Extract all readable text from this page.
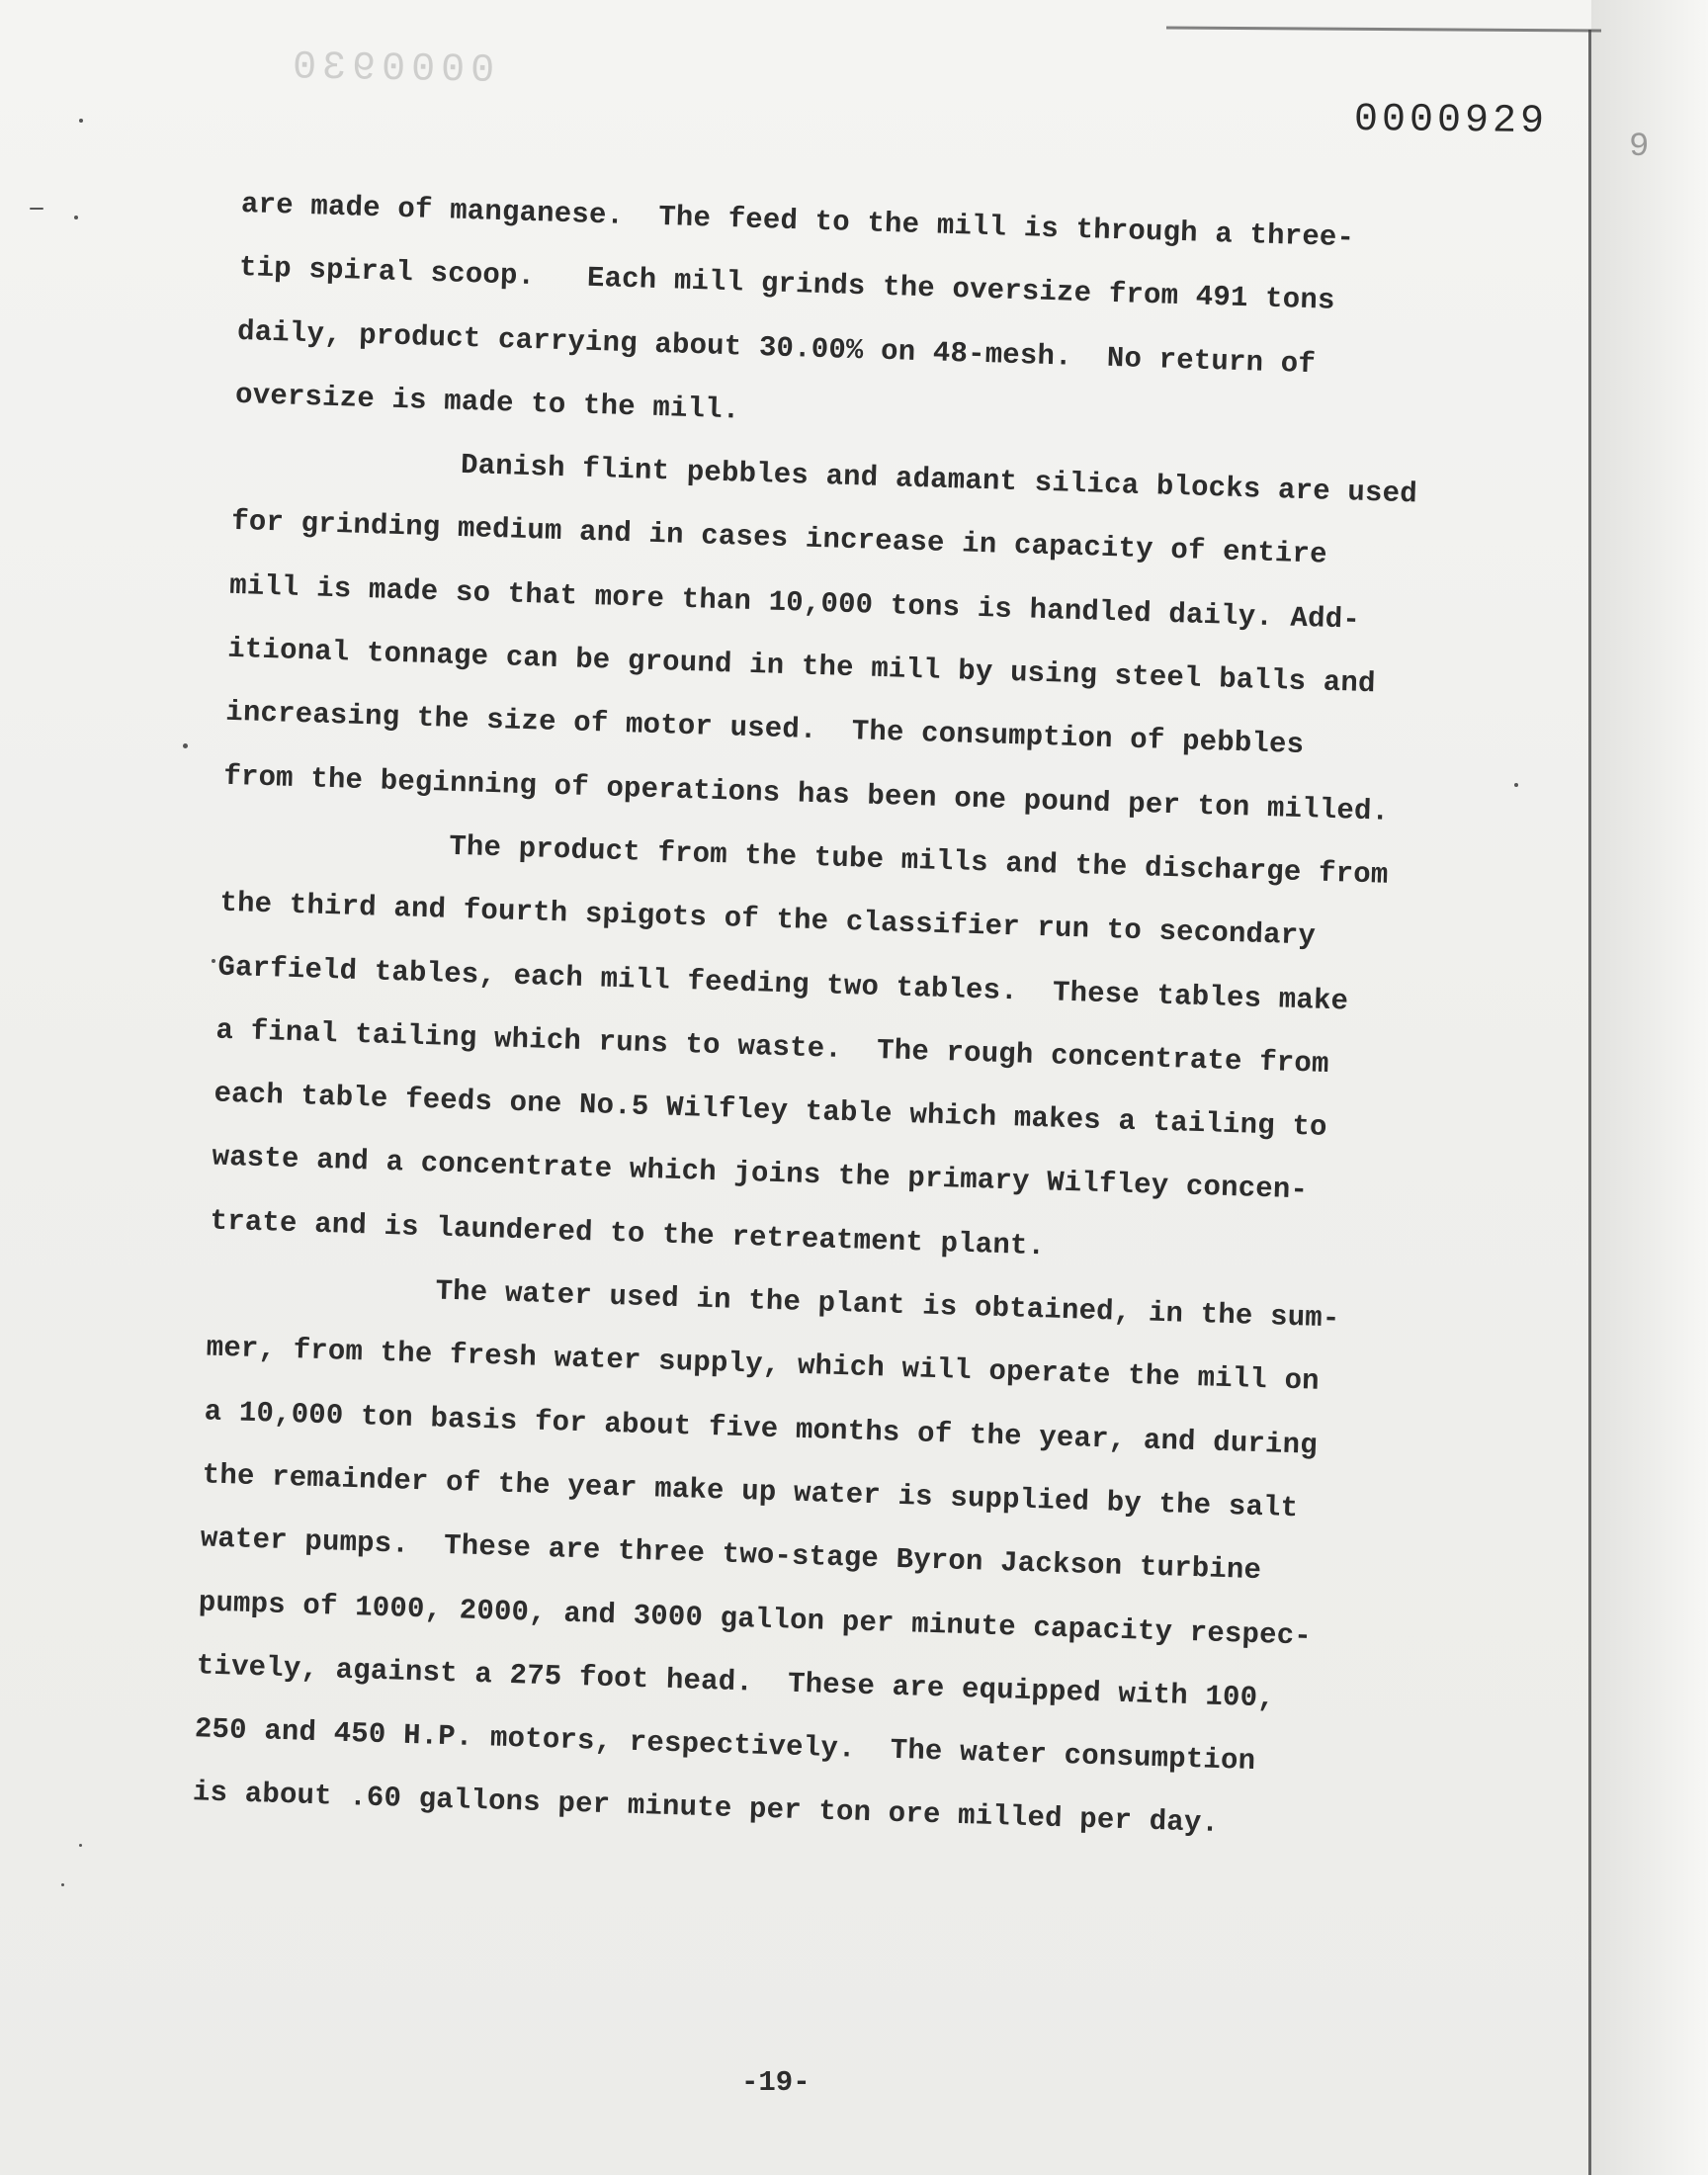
0000930
0000929
9
are made of manganese.  The feed to the mill is through a three-
tip spiral scoop.   Each mill grinds the oversize from 491 tons
daily, product carrying about 30.00% on 48-mesh.  No return of
oversize is made to the mill.
Danish flint pebbles and adamant silica blocks are used
for grinding medium and in cases increase in capacity of entire
mill is made so that more than 10,000 tons is handled daily. Add-
itional tonnage can be ground in the mill by using steel balls and
increasing the size of motor used.  The consumption of pebbles
from the beginning of operations has been one pound per ton milled.
The product from the tube mills and the discharge from
the third and fourth spigots of the classifier run to secondary
Garfield tables, each mill feeding two tables.  These tables make
a final tailing which runs to waste.  The rough concentrate from
each table feeds one No.5 Wilfley table which makes a tailing to
waste and a concentrate which joins the primary Wilfley concen-
trate and is laundered to the retreatment plant.
The water used in the plant is obtained, in the sum-
mer, from the fresh water supply, which will operate the mill on
a 10,000 ton basis for about five months of the year, and during
the remainder of the year make up water is supplied by the salt
water pumps.  These are three two-stage Byron Jackson turbine
pumps of 1000, 2000, and 3000 gallon per minute capacity respec-
tively, against a 275 foot head.  These are equipped with 100,
250 and 450 H.P. motors, respectively.  The water consumption
is about .60 gallons per minute per ton ore milled per day.
-19-
